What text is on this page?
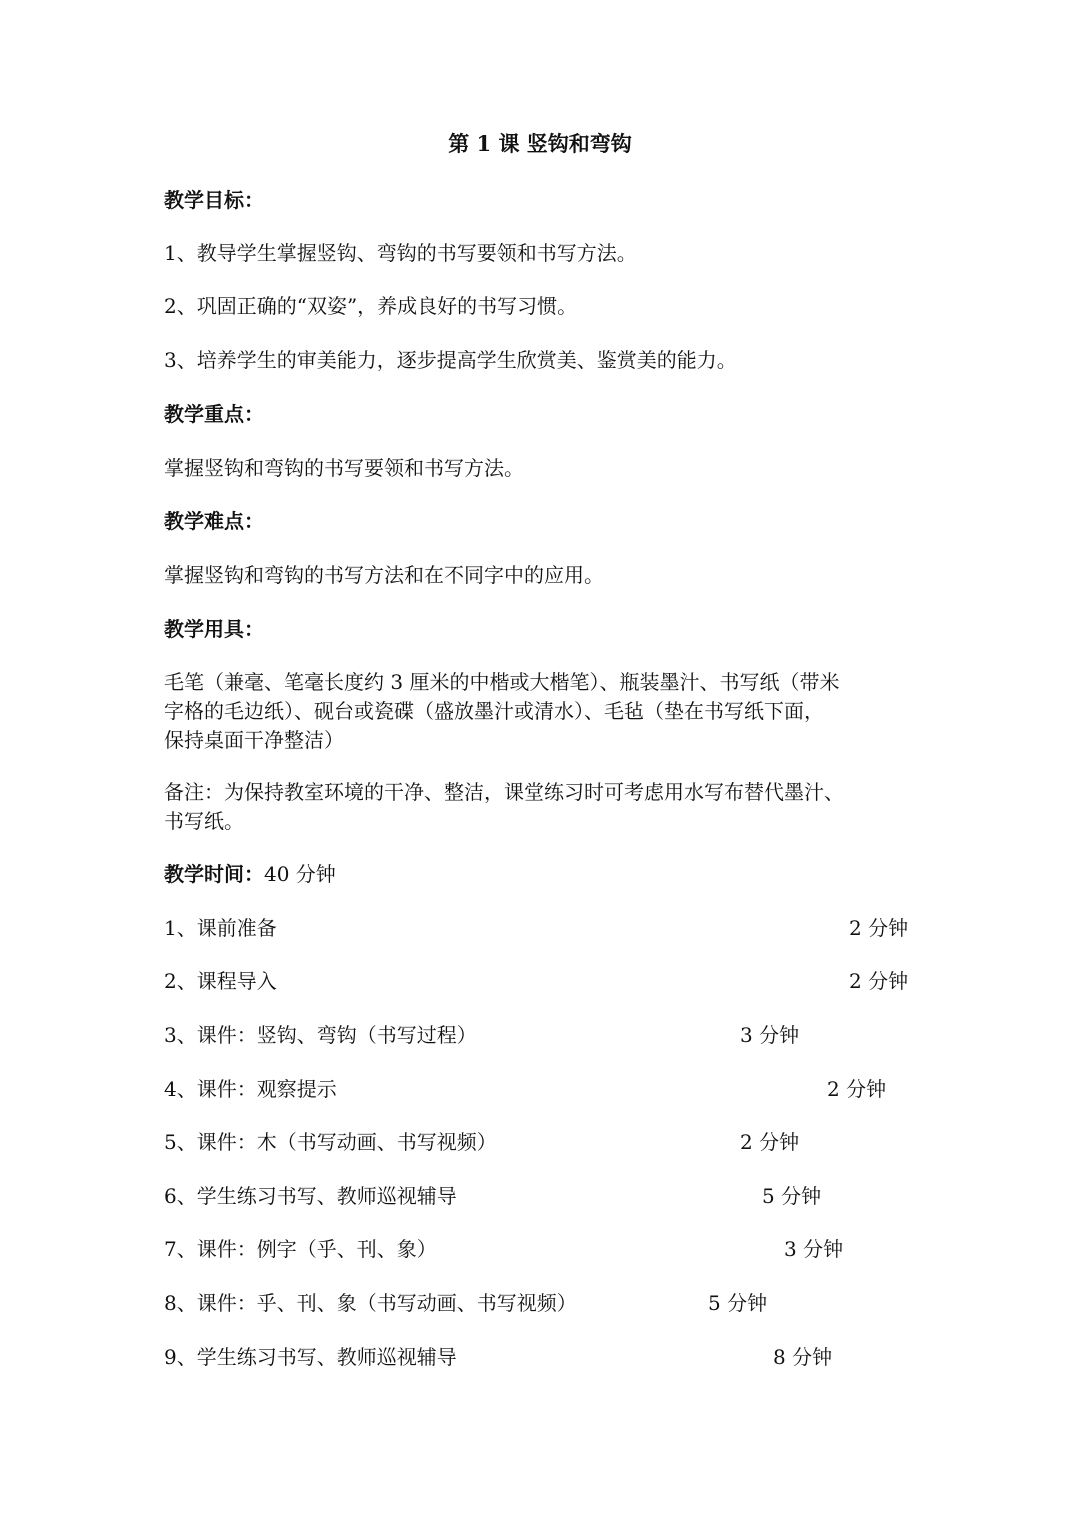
第 1 课 竖钩和弯钩
教学目标：
1、教导学生掌握竖钩、弯钩的书写要领和书写方法。
2、巩固正确的“双姿”，养成良好的书写习惯。
3、培养学生的审美能力，逐步提高学生欣赏美、鉴赏美的能力。
教学重点：
掌握竖钩和弯钩的书写要领和书写方法。
教学难点：
掌握竖钩和弯钩的书写方法和在不同字中的应用。
教学用具：
毛笔（兼毫、笔毫长度约 3 厘米的中楷或大楷笔）、瓶装墨汁、书写纸（带米
字格的毛边纸）、砚台或瓷碟（盛放墨汁或清水）、毛毡（垫在书写纸下面，
保持桌面干净整洁）
备注：为保持教室环境的干净、整洁，课堂练习时可考虑用水写布替代墨汁、
书写纸。
教学时间：40 分钟
1、课前准备	2 分钟
2、课程导入	2 分钟
3、课件：竖钩、弯钩（书写过程）	3 分钟
4、课件：观察提示	2 分钟
5、课件：木（书写动画、书写视频）	2 分钟
6、学生练习书写、教师巡视辅导	5 分钟
7、课件：例字（乎、刊、象）	3 分钟
8、课件：乎、刊、象（书写动画、书写视频）	5 分钟
9、学生练习书写、教师巡视辅导	8 分钟
